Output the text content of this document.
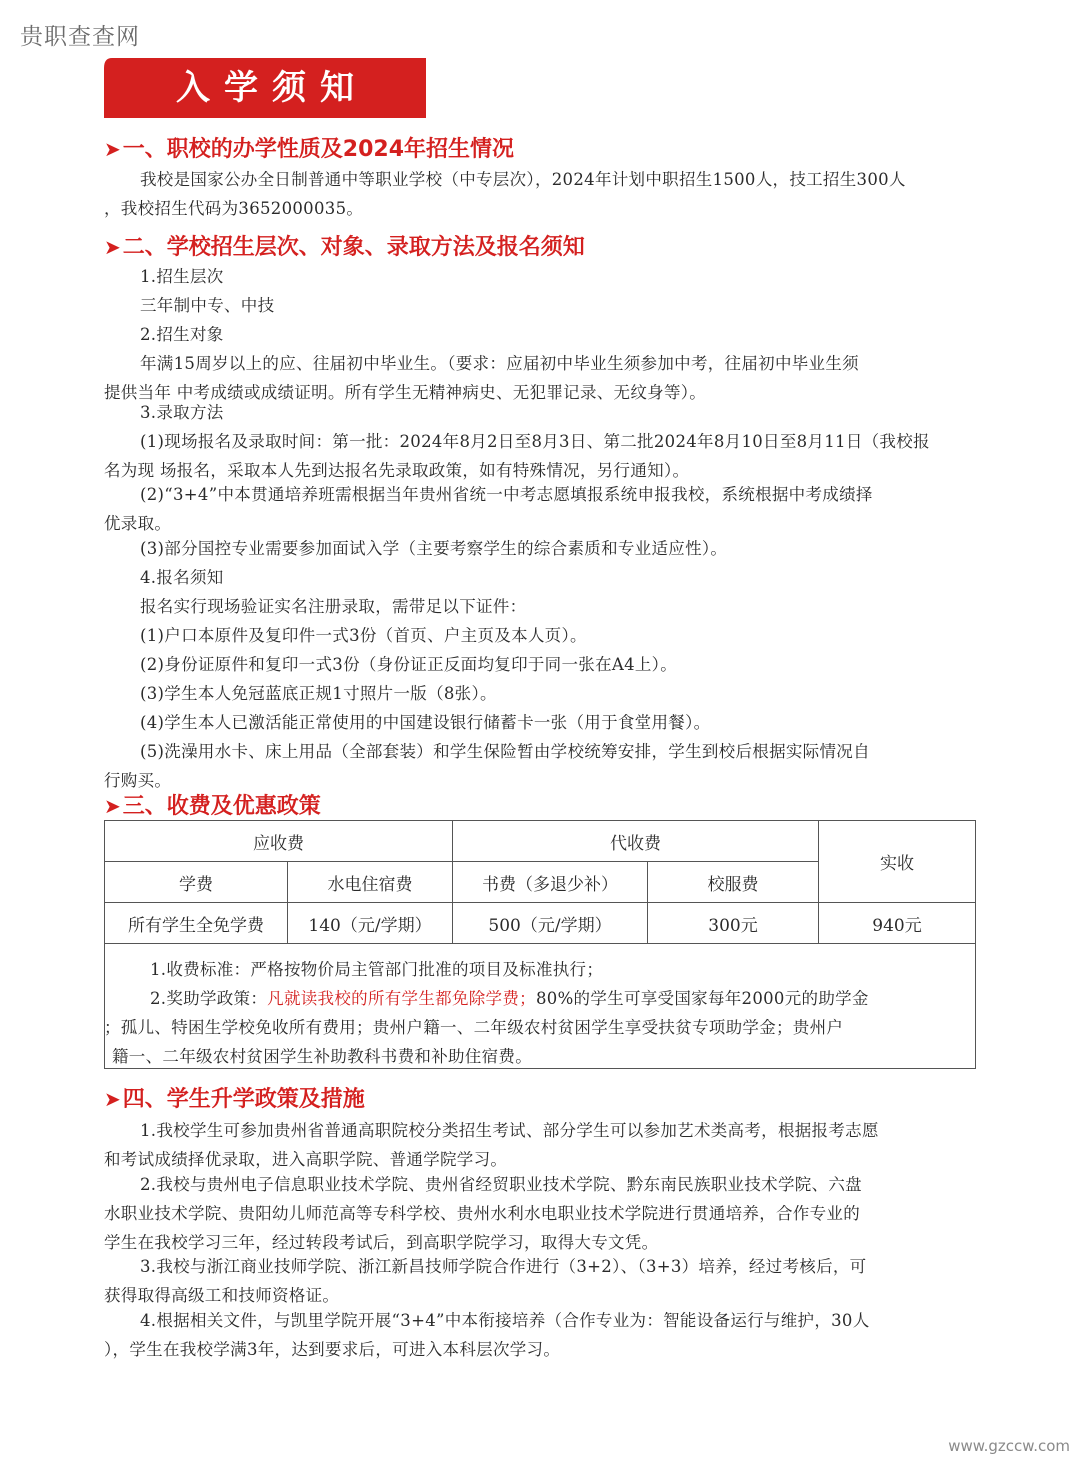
贵职查查网
入学须知
➤一、职校的办学性质及2024年招生情况
我校是国家公办全日制普通中等职业学校（中专层次），2024年计划中职招生1500人，技工招生300人
，我校招生代码为3652000035。
➤二、学校招生层次、对象、录取方法及报名须知
1.招生层次
三年制中专、中技
2.招生对象
年满15周岁以上的应、往届初中毕业生。（要求：应届初中毕业生须参加中考，往届初中毕业生须
提供当年 中考成绩或成绩证明。所有学生无精神病史、无犯罪记录、无纹身等）。
3.录取方法
(1)现场报名及录取时间：第一批：2024年8月2日至8月3日、第二批2024年8月10日至8月11日（我校报
名为现 场报名，采取本人先到达报名先录取政策，如有特殊情况，另行通知）。
(2)“3+4”中本贯通培养班需根据当年贵州省统一中考志愿填报系统申报我校，系统根据中考成绩择
优录取。
(3)部分国控专业需要参加面试入学（主要考察学生的综合素质和专业适应性）。
4.报名须知
报名实行现场验证实名注册录取，需带足以下证件：
(1)户口本原件及复印件一式3份（首页、户主页及本人页）。
(2)身份证原件和复印一式3份（身份证正反面均复印于同一张在A4上）。
(3)学生本人免冠蓝底正规1寸照片一版（8张）。
(4)学生本人已激活能正常使用的中国建设银行储蓄卡一张（用于食堂用餐）。
(5)洗澡用水卡、床上用品（全部套装）和学生保险暂由学校统筹安排，学生到校后根据实际情况自
行购买。
➤三、收费及优惠政策
应收费		代收费		实收
学费	水电住宿费	书费（多退少补）	校服费	
所有学生全免学费	140（元/学期）	500（元/学期）	300元	940元
1.收费标准：严格按物价局主管部门批准的项目及标准执行；
2.奖助学政策：凡就读我校的所有学生都免除学费；80%的学生可享受国家每年2000元的助学金
；孤儿、特困生学校免收所有费用；贵州户籍一、二年级农村贫困学生享受扶贫专项助学金；贵州户
籍一、二年级农村贫困学生补助教科书费和补助住宿费。
➤四、学生升学政策及措施
1.我校学生可参加贵州省普通高职院校分类招生考试、部分学生可以参加艺术类高考，根据报考志愿
和考试成绩择优录取，进入高职学院、普通学院学习。
2.我校与贵州电子信息职业技术学院、贵州省经贸职业技术学院、黔东南民族职业技术学院、六盘
水职业技术学院、贵阳幼儿师范高等专科学校、贵州水利水电职业技术学院进行贯通培养，合作专业的
学生在我校学习三年，经过转段考试后，到高职学院学习，取得大专文凭。
3.我校与浙江商业技师学院、浙江新昌技师学院合作进行（3+2）、（3+3）培养，经过考核后，可
获得取得高级工和技师资格证。
4.根据相关文件，与凯里学院开展“3+4”中本衔接培养（合作专业为：智能设备运行与维护，30人
），学生在我校学满3年，达到要求后，可进入本科层次学习。
www.gzccw.com
